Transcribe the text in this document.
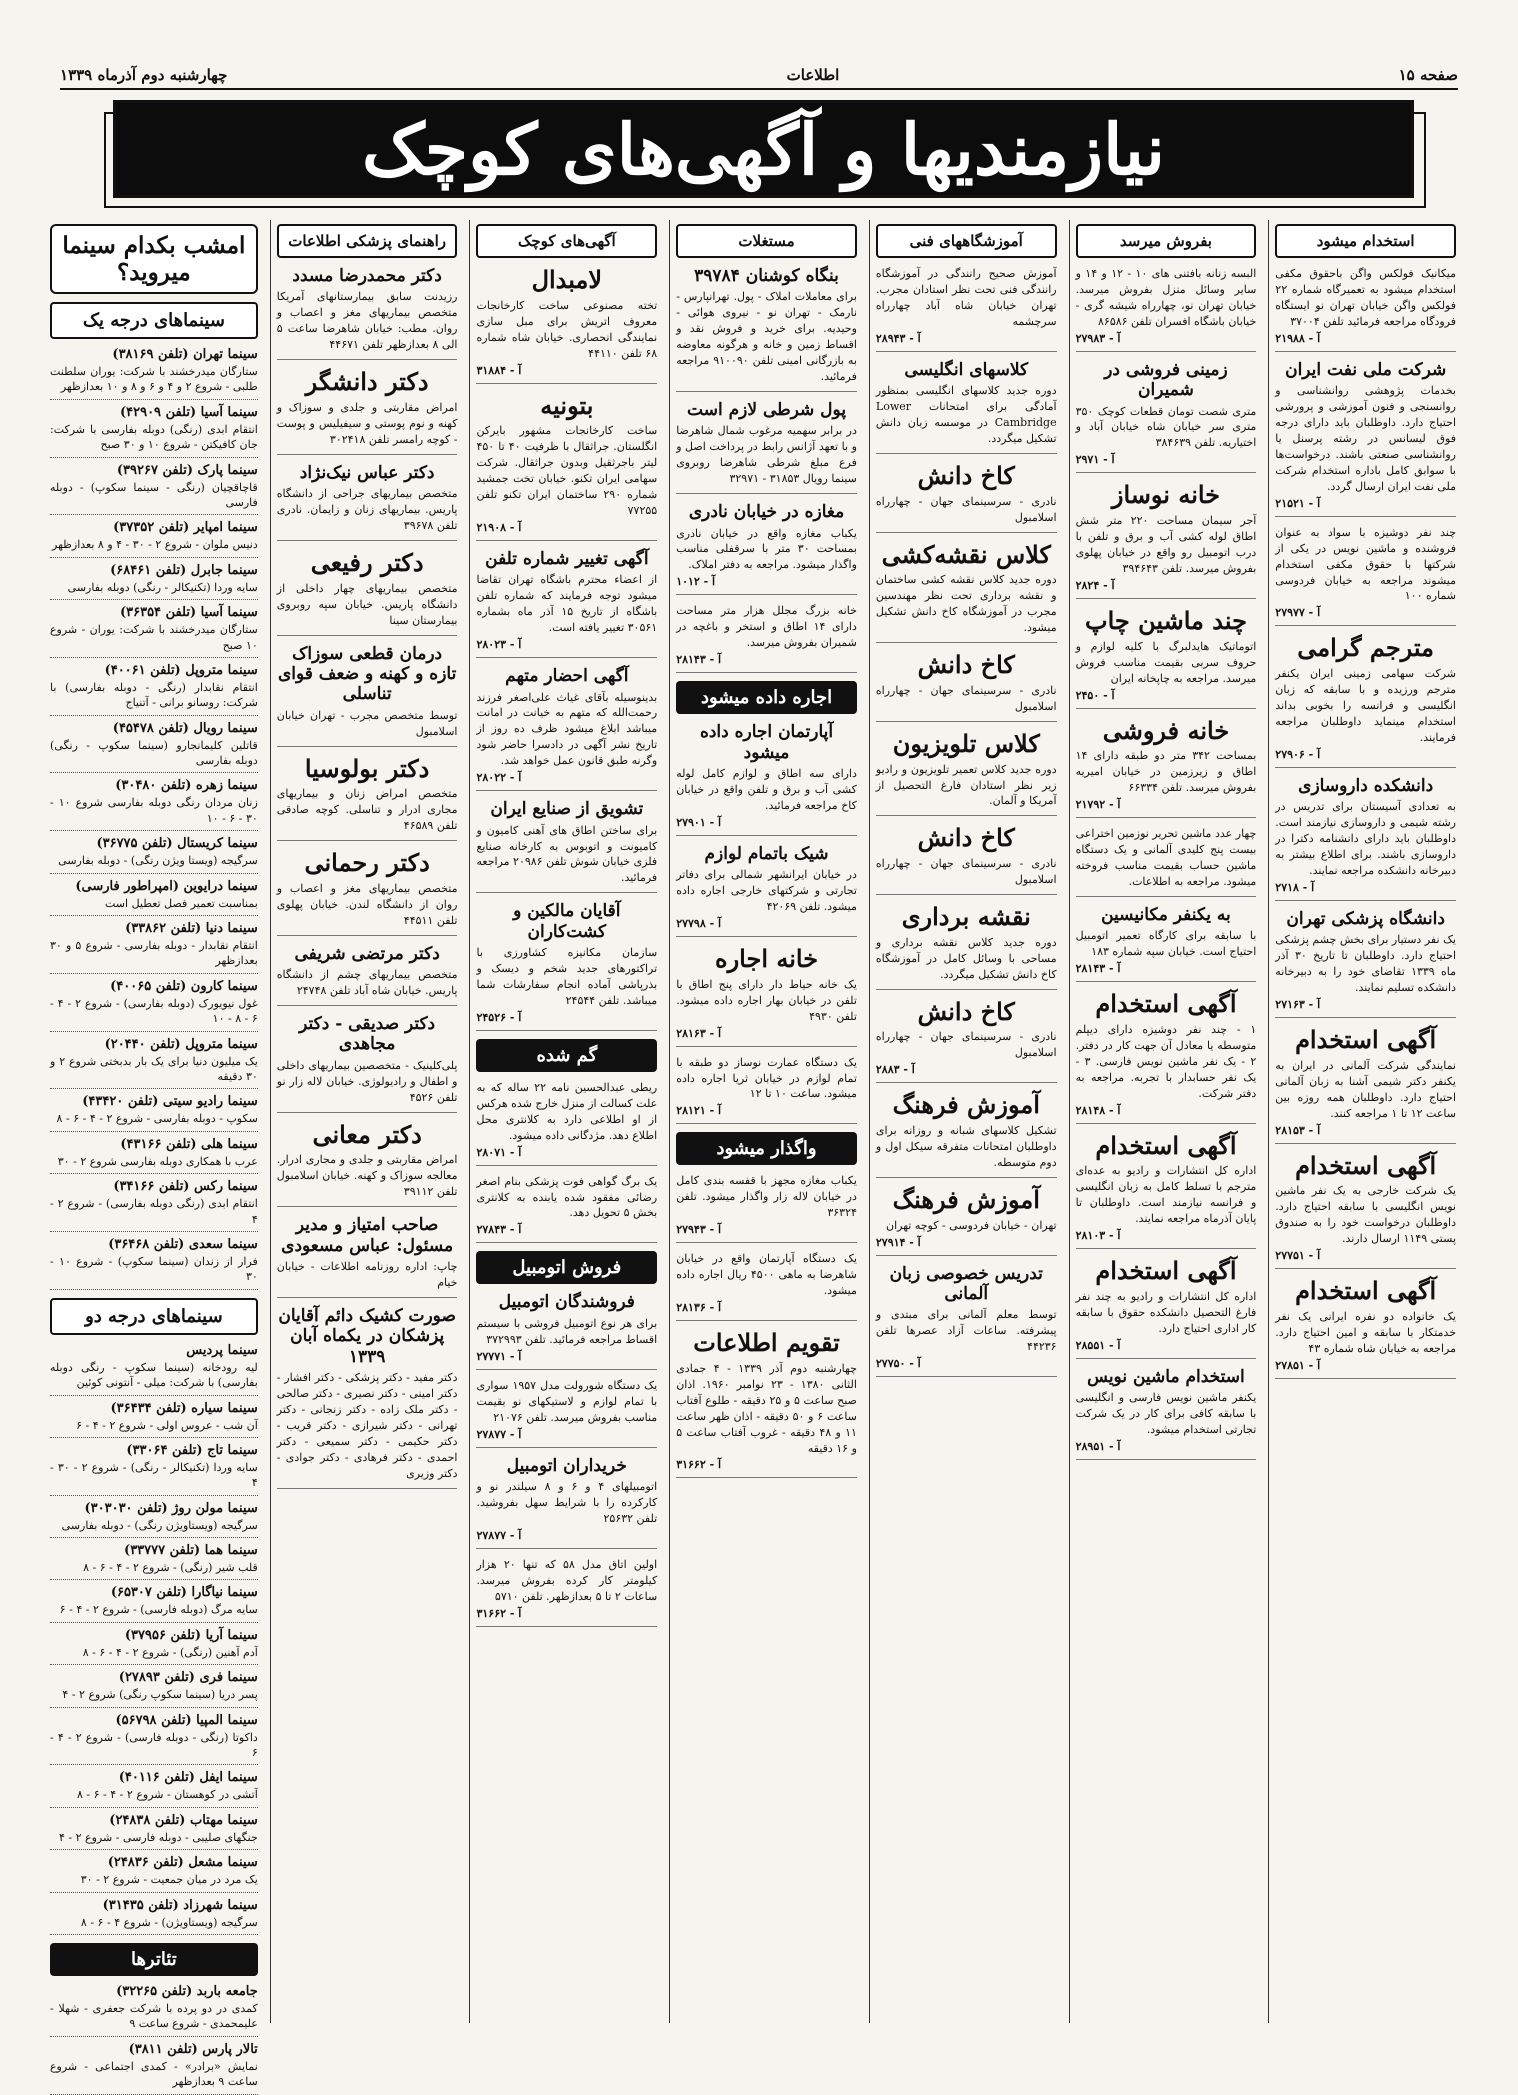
صفحه ۱۵
اطلاعات
چهارشنبه دوم آذرماه ۱۳۳۹
نیازمندیها و آگهی‌های کوچک
استخدام میشود

میکانیک فولکس واگن باحقوق مکفی استخدام میشود به تعمیرگاه شماره ۲۲ فولکس واگن خیابان تهران نو ایستگاه فرودگاه مراجعه فرمائید تلفن ۳۷۰۰۴

آ - ۲۱۹۸۸
شرکت ملی نفت ایران

بخدمات پژوهشی روانشناسی و روانسنجی و فنون آموزشی و پرورشی احتیاج دارد. داوطلبان باید دارای درجه فوق لیسانس در رشته پرسنل یا روانشناسی صنعتی باشند. درخواست‌ها با سوابق کامل باداره استخدام شرکت ملی نفت ایران ارسال گردد.

آ - ۲۱۵۲۱

چند نفر دوشیزه با سواد به عنوان فروشنده و ماشین نویس در یکی از شرکتها با حقوق مکفی استخدام میشوند مراجعه به خیابان فردوسی شماره ۱۰۰

آ - ۲۷۹۷۷
مترجم گرامی

شرکت سهامی زمینی ایران یکنفر مترجم ورزیده و با سابقه که زبان انگلیسی و فرانسه را بخوبی بداند استخدام مینماید داوطلبان مراجعه فرمایند.

آ - ۲۷۹۰۶
دانشکده داروسازی

به تعدادی آسیستان برای تدریس در رشته شیمی و داروسازی نیازمند است. داوطلبان باید دارای دانشنامه دکترا در داروسازی باشند. برای اطلاع بیشتر به دبیرخانه دانشکده مراجعه نمایند.

آ - ۲۷۱۸
دانشگاه پزشکی تهران

یک نفر دستیار برای بخش چشم پزشکی احتیاج دارد. داوطلبان تا تاریخ ۳۰ آذر ماه ۱۳۳۹ تقاضای خود را به دبیرخانه دانشکده تسلیم نمایند.

آ - ۲۷۱۶۳
آگهی استخدام

نمایندگی شرکت آلمانی در ایران به یکنفر دکتر شیمی آشنا به زبان آلمانی احتیاج دارد. داوطلبان همه روزه بین ساعت ۱۲ تا ۱ مراجعه کنند.

آ - ۲۸۱۵۳
آگهی استخدام

یک شرکت خارجی به یک نفر ماشین نویس انگلیسی با سابقه احتیاج دارد. داوطلبان درخواست خود را به صندوق پستی ۱۱۴۹ ارسال دارند.

آ - ۲۷۷۵۱
آگهی استخدام

یک خانواده دو نفره ایرانی یک نفر خدمتکار با سابقه و امین احتیاج دارد. مراجعه به خیابان شاه شماره ۴۳

آ - ۲۷۸۵۱
بفروش میرسد

البسه زنانه بافتنی های ۱۰ - ۱۲ و ۱۴ و سایر وسائل منزل بفروش میرسد. خیابان تهران نو، چهارراه شیشه گری - خیابان باشگاه افسران تلفن ۸۶۵۸۶

آ - ۲۷۹۸۳
زمینی فروشی در شمیران

متری شصت تومان قطعات کوچک ۳۵۰ متری سر خیابان شاه خیابان آباد و اختیاریه. تلفن ۳۸۴۶۳۹

آ - ۲۹۷۱
خانه نوساز

آجر سیمان مساحت ۲۲۰ متر شش اطاق لوله کشی آب و برق و تلفن با درب اتومبیل رو واقع در خیابان پهلوی بفروش میرسد. تلفن ۳۹۴۶۴۳

آ - ۲۸۲۴
چند ماشین چاپ

اتوماتیک هایدلبرگ با کلیه لوازم و حروف سربی بقیمت مناسب فروش میرسد. مراجعه به چاپخانه ایران

آ - ۲۴۵۰
خانه فروشی

بمساحت ۳۴۲ متر دو طبقه دارای ۱۴ اطاق و زیرزمین در خیابان امیریه بفروش میرسد. تلفن ۶۶۳۳۴

آ - ۲۱۷۹۲

چهار عدد ماشین تحریر نوزمین اختراعی بیست پنج کلیدی آلمانی و یک دستگاه ماشین حساب بقیمت مناسب فروخته میشود. مراجعه به اطلاعات.

به یکنفر مکانیسین

با سابقه برای کارگاه تعمیر اتومبیل احتیاج است. خیابان سپه شماره ۱۸۳

آ - ۲۸۱۴۳
آگهی استخدام

۱ - چند نفر دوشیزه دارای دیپلم متوسطه یا معادل آن جهت کار در دفتر. ۲ - یک نفر ماشین نویس فارسی. ۳ - یک نفر حسابدار با تجربه. مراجعه به دفتر شرکت.

آ - ۲۸۱۴۸
آگهی استخدام

اداره کل انتشارات و رادیو به عده‌ای مترجم با تسلط کامل به زبان انگلیسی و فرانسه نیازمند است. داوطلبان تا پایان آذرماه مراجعه نمایند.

آ - ۲۸۱۰۳
آگهی استخدام

اداره کل انتشارات و رادیو به چند نفر فارغ التحصیل دانشکده حقوق با سابقه کار اداری احتیاج دارد.

آ - ۲۸۵۵۱
استخدام ماشین نویس

یکنفر ماشین نویس فارسی و انگلیسی با سابقه کافی برای کار در یک شرکت تجارتی استخدام میشود.

آ - ۲۸۹۵۱
آموزشگاههای فنی

آموزش صحیح رانندگی در آموزشگاه رانندگی فنی تحت نظر استادان مجرب. تهران خیابان شاه آباد چهارراه سرچشمه

آ - ۲۸۹۴۳
کلاسهای انگلیسی

دوره جدید کلاسهای انگلیسی بمنظور آمادگی برای امتحانات Lower Cambridge در موسسه زبان دانش تشکیل میگردد.

کاخ دانش

نادری - سرسینمای جهان - چهارراه اسلامبول

کلاس نقشه‌کشی

دوره جدید کلاس نقشه کشی ساختمان و نقشه برداری تحت نظر مهندسین مجرب در آموزشگاه کاخ دانش تشکیل میشود.

کاخ دانش

نادری - سرسینمای جهان - چهارراه اسلامبول

کلاس تلویزیون

دوره جدید کلاس تعمیر تلویزیون و رادیو زیر نظر استادان فارغ التحصیل از آمریکا و آلمان.

کاخ دانش

نادری - سرسینمای جهان - چهارراه اسلامبول

نقشه برداری

دوره جدید کلاس نقشه برداری و مساحی با وسائل کامل در آموزشگاه کاخ دانش تشکیل میگردد.

کاخ دانش

نادری - سرسینمای جهان - چهارراه اسلامبول

آ - ۲۸۸۳
آموزش فرهنگ

تشکیل کلاسهای شبانه و روزانه برای داوطلبان امتحانات متفرقه سیکل اول و دوم متوسطه.

آموزش فرهنگ

تهران - خیابان فردوسی - کوچه تهران

آ - ۲۷۹۱۴
تدریس خصوصی زبان آلمانی

توسط معلم آلمانی برای مبتدی و پیشرفته. ساعات آزاد عصرها تلفن ۴۴۲۳۶

آ - ۲۷۷۵۰
مستغلات
بنگاه کوشنان ۳۹۷۸۴

برای معاملات املاک - پول. تهرانپارس - نارمک - تهران نو - نیروی هوائی - وحیدیه. برای خرید و فروش نقد و اقساط زمین و خانه و هرگونه معاوضه به بازرگانی امینی تلفن ۹۱۰۰۹۰ مراجعه فرمائید.

پول شرطی لازم است

در برابر سهمیه مرغوب شمال شاهرضا و با تعهد آژانس رابط در پرداخت اصل و فرع مبلغ شرطی شاهرضا روبروی سینما رویال ۳۱۸۵۳ - ۳۲۹۷۱

مغازه در خیابان نادری

یکباب مغازه واقع در خیابان نادری بمساحت ۳۰ متر با سرقفلی مناسب واگذار میشود. مراجعه به دفتر املاک.

آ - ۱۰۱۲

خانه بزرگ مجلل هزار متر مساحت دارای ۱۴ اطاق و استخر و باغچه در شمیران بفروش میرسد.

آ - ۲۸۱۴۳
اجاره داده میشود
آپارتمان اجاره داده میشود

دارای سه اطاق و لوازم کامل لوله کشی آب و برق و تلفن واقع در خیابان کاخ مراجعه فرمائید.

آ - ۲۷۹۰۱
شیک باتمام لوازم

در خیابان ایرانشهر شمالی برای دفاتر تجارتی و شرکتهای خارجی اجاره داده میشود. تلفن ۴۲۰۶۹

آ - ۲۷۷۹۸
خانه اجاره

یک خانه حیاط دار دارای پنج اطاق با تلفن در خیابان بهار اجاره داده میشود. تلفن ۴۹۳۰

آ - ۲۸۱۶۳

یک دستگاه عمارت نوساز دو طبقه با تمام لوازم در خیابان ثریا اجاره داده میشود. ساعت ۱۰ تا ۱۲

آ - ۲۸۱۲۱
واگذار میشود

یکباب مغازه مجهز با قفسه بندی کامل در خیابان لاله زار واگذار میشود. تلفن ۳۶۳۲۴

آ - ۲۷۹۴۳

یک دستگاه آپارتمان واقع در خیابان شاهرضا به ماهی ۴۵۰۰ ریال اجاره داده میشود.

آ - ۲۸۱۳۶
تقویم اطلاعات

چهارشنبه دوم آذر ۱۳۳۹ - ۴ جمادی الثانی ۱۳۸۰ - ۲۳ نوامبر ۱۹۶۰. اذان صبح ساعت ۵ و ۲۵ دقیقه - طلوع آفتاب ساعت ۶ و ۵۰ دقیقه - اذان ظهر ساعت ۱۱ و ۴۸ دقیقه - غروب آفتاب ساعت ۵ و ۱۶ دقیقه

آ - ۳۱۶۶۲
آگهی‌های کوچک
لامبدال

تخته مصنوعی ساخت کارخانجات معروف اتریش برای مبل سازی نمایندگی انحصاری. خیابان شاه شماره ۶۸ تلفن ۴۴۱۱۰

آ - ۳۱۸۸۴
بتونیه

ساخت کارخانجات مشهور بایرکن انگلستان. جراثقال با ظرفیت ۴۰ تا ۴۵۰ لیتر باجرثقیل وبدون جراثقال. شرکت سهامی ایران تکنو. خیابان تخت جمشید شماره ۲۹۰ ساختمان ایران تکنو تلفن ۷۷۲۵۵

آ - ۲۱۹۰۸
آگهی تغییر شماره تلفن

از اعضاء محترم باشگاه تهران تقاضا میشود توجه فرمایند که شماره تلفن باشگاه از تاریخ ۱۵ آذر ماه بشماره ۳۰۵۶۱ تغییر یافته است.

آ - ۲۸۰۲۳
آگهی احضار متهم

بدینوسیله بآقای غیاث علی‌اصغر فرزند رحمت‌الله که متهم به خیانت در امانت میباشد ابلاغ میشود ظرف ده روز از تاریخ نشر آگهی در دادسرا حاضر شود وگرنه طبق قانون عمل خواهد شد.

آ - ۲۸۰۲۲
تشویق از صنایع ایران

برای ساختن اطاق های آهنی کامیون و کامیونت و اتوبوس به کارخانه صنایع فلزی خیابان شوش تلفن ۲۰۹۸۶ مراجعه فرمائید.

آقایان مالکین و کشت‌کاران

سازمان مکانیزه کشاورزی با تراکتورهای جدید شخم و دیسک و بذرپاشی آماده انجام سفارشات شما میباشد. تلفن ۲۴۵۴۴

آ - ۲۴۵۲۶
گم شده

ریطی عبدالحسین نامه ۲۲ ساله که به علت کسالت از منزل خارج شده هرکس از او اطلاعی دارد به کلانتری محل اطلاع دهد. مژدگانی داده میشود.

آ - ۲۸۰۷۱

یک برگ گواهی فوت پزشکی بنام اصغر رضائی مفقود شده یابنده به کلانتری بخش ۵ تحویل دهد.

آ - ۲۷۸۴۳
فروش اتومبیل
فروشندگان اتومبیل

برای هر نوع اتومبیل فروشی با سیستم اقساط مراجعه فرمائید. تلفن ۳۷۲۹۹۳

آ - ۲۷۷۷۱

یک دستگاه شورولت مدل ۱۹۵۷ سواری با تمام لوازم و لاستیکهای نو بقیمت مناسب بفروش میرسد. تلفن ۲۱۰۷۶

آ - ۲۷۸۷۷
خریداران اتومبیل

اتومبیلهای ۴ و ۶ و ۸ سیلندر نو و کارکرده را با شرایط سهل بفروشید. تلفن ۲۵۶۳۲

آ - ۲۷۸۷۷

اولین اتاق مدل ۵۸ که تنها ۲۰ هزار کیلومتر کار کرده بفروش میرسد. ساعات ۲ تا ۵ بعدازظهر. تلفن ۵۷۱۰

آ - ۳۱۶۶۲
راهنمای پزشکی اطلاعات
دکتر محمدرضا مسدد

رزیدنت سابق بیمارستانهای آمریکا متخصص بیماریهای مغز و اعصاب و روان. مطب: خیابان شاهرضا ساعت ۵ الی ۸ بعدازظهر تلفن ۴۴۶۷۱

دکتر دانشگر

امراض مقاربتی و جلدی و سوزاک و کهنه و نوم پوستی و سیفیلیس و پوست - کوچه رامسر تلفن ۳۰۲۴۱۸

دکتر عباس نیک‌نژاد

متخصص بیماریهای جراحی از دانشگاه پاریس. بیماریهای زنان و زایمان. نادری تلفن ۳۹۶۷۸

دکتر رفیعی

متخصص بیماریهای چهار داخلی از دانشگاه پاریس. خیابان سپه روبروی بیمارستان سینا

درمان قطعی سوزاک تازه و کهنه و ضعف قوای تناسلی

توسط متخصص مجرب - تهران خیابان اسلامبول

دکتر بولوسیا

متخصص امراض زنان و بیماریهای مجاری ادرار و تناسلی. کوچه صادقی تلفن ۴۶۵۸۹

دکتر رحمانی

متخصص بیماریهای مغز و اعصاب و روان از دانشگاه لندن. خیابان پهلوی تلفن ۴۴۵۱۱

دکتر مرتضی شریفی

متخصص بیماریهای چشم از دانشگاه پاریس. خیابان شاه آباد تلفن ۲۴۷۴۸

دکتر صدیقی - دکتر مجاهدی

پلی‌کلینیک - متخصصین بیماریهای داخلی و اطفال و رادیولوژی. خیابان لاله زار نو تلفن ۴۵۲۶

دکتر معانی

امراض مقاربتی و جلدی و مجاری ادرار. معالجه سوزاک و کهنه. خیابان اسلامبول تلفن ۳۹۱۱۲

صاحب امتیاز و مدیر مسئول: عباس مسعودی

چاپ: اداره روزنامه اطلاعات - خیابان خیام

صورت کشیک دائم آقایان پزشکان در یکماه آبان ۱۳۳۹

دکتر مفید - دکتر پزشکی - دکتر افشار - دکتر امینی - دکتر نصیری - دکتر صالحی - دکتر ملک زاده - دکتر زنجانی - دکتر تهرانی - دکتر شیرازی - دکتر قریب - دکتر حکیمی - دکتر سمیعی - دکتر احمدی - دکتر فرهادی - دکتر جوادی - دکتر وزیری

امشب بکدام سینما میروید؟
سینماهای درجه یک
سینما تهران (تلفن ۳۸۱۶۹)

ستارگان میدرخشند با شرکت: یوران سلطنت طلبی - شروع ۲ و ۴ و ۶ و ۸ و ۱۰ بعدازظهر

سینما آسیا (تلفن ۴۲۹۰۹)

انتقام ابدی (رنگی) دوبله بفارسی با شرکت: جان کافیکتن - شروع ۱۰ و ۳۰ صبح

سینما پارک (تلفن ۳۹۲۶۷)

قاچاقچیان (رنگی - سینما سکوپ) - دوبله فارسی

سینما امپایر (تلفن ۳۷۳۵۲)

دنیس ملوان - شروع ۲ - ۳۰ - ۴ و ۸ بعدازظهر

سینما جابرل (تلفن ۶۸۴۶۱)

سایه وردا (تکنیکالر - رنگی) دوبله بفارسی

سینما آسیا (تلفن ۳۶۳۵۴)

ستارگان میدرخشند با شرکت: یوران - شروع ۱۰ صبح

سینما متروپل (تلفن ۴۰۰۶۱)

انتقام نقابدار (رنگی - دوبله بفارسی) با شرکت: روسانو برانی - آتنیاج

سینما رویال (تلفن ۴۵۴۷۸)

قاتلین کلیمانجارو (سینما سکوپ - رنگی) دوبله بفارسی

سینما زهره (تلفن ۳۰۴۸۰)

زنان مردان رنگی دوبله بفارسی شروع ۱۰ - ۳۰ - ۶ - ۱۰

سینما کریستال (تلفن ۳۶۷۷۵)

سرگیجه (ویستا ویژن رنگی) - دوبله بفارسی

سینما درایوین (امپراطور فارسی)

بمناسبت تعمیر فصل تعطیل است

سینما دنیا (تلفن ۳۳۸۶۲)

انتقام نقابدار - دوبله بفارسی - شروع ۵ و ۳۰ بعدازظهر

سینما کارون (تلفن ۴۰۰۶۵)

غول نیویورک (دوبله بفارسی) - شروع ۲ - ۴ - ۶ - ۸ - ۱۰

سینما متروپل (تلفن ۲۰۴۴۰)

یک میلیون دنیا برای یک بار بدبختی شروع ۲ و ۳۰ دقیقه

سینما رادیو سیتی (تلفن ۴۳۴۲۰)

سکوپ - دوبله بفارسی - شروع ۲ - ۴ - ۶ - ۸

سینما هلی (تلفن ۴۳۱۶۶)

عرب با همکاری دوبله بفارسی شروع ۲ - ۳۰

سینما رکس (تلفن ۳۴۱۶۶)

انتقام ابدی (رنگی دوبله بفارسی) - شروع ۲ - ۴

سینما سعدی (تلفن ۳۶۴۶۸)

فرار از زندان (سینما سکوپ) - شروع ۱۰ - ۳۰

سینماهای درجه دو
سینما پردیس

لیه رودخانه (سینما سکوپ - رنگی دوبله بفارسی) با شرکت: میلی - آنتونی کوئین

سینما سیاره (تلفن ۳۶۴۳۴)

آن شب - عروس اولی - شروع ۲ - ۴ - ۶

سینما تاج (تلفن ۳۳۰۶۴)

سایه وردا (تکنیکالر - رنگی) - شروع ۲ - ۳۰ - ۴

سینما مولن روژ (تلفن ۳۰۳۰۳۰)

سرگیجه (ویستاویژن رنگی) - دوبله بفارسی

سینما هما (تلفن ۳۳۷۷۷)

قلب شیر (رنگی) - شروع ۲ - ۴ - ۶ - ۸

سینما نیاگارا (تلفن ۶۵۳۰۷)

سایه مرگ (دوبله فارسی) - شروع ۲ - ۴ - ۶

سینما آریا (تلفن ۳۷۹۵۶)

آدم آهنین (رنگی) - شروع ۲ - ۴ - ۶ - ۸

سینما فری (تلفن ۲۷۸۹۳)

پسر دریا (سینما سکوپ رنگی) شروع ۲ - ۴

سینما المپیا (تلفن ۵۶۷۹۸)

داکوتا (رنگی - دوبله فارسی) - شروع ۲ - ۴ - ۶

سینما ایفل (تلفن ۴۰۱۱۶)

آتشی در کوهستان - شروع ۲ - ۴ - ۶ - ۸

سینما مهتاب (تلفن ۲۴۸۳۸)

جنگهای صلیبی - دوبله فارسی - شروع ۲ - ۴

سینما مشعل (تلفن ۲۴۸۳۶)

یک مرد در میان جمعیت - شروع ۲ - ۳۰

سینما شهرزاد (تلفن ۳۱۴۳۵)

سرگیجه (ویستاویژن) - شروع ۴ - ۶ - ۸

تئاترها
جامعه باربد (تلفن ۳۲۲۶۵)

کمدی در دو پرده با شرکت جعفری - شهلا - علیمحمدی - شروع ساعت ۹

تالار پارس (تلفن ۳۸۱۱)

نمایش «برادر» - کمدی اجتماعی - شروع ساعت ۹ بعدازظهر
